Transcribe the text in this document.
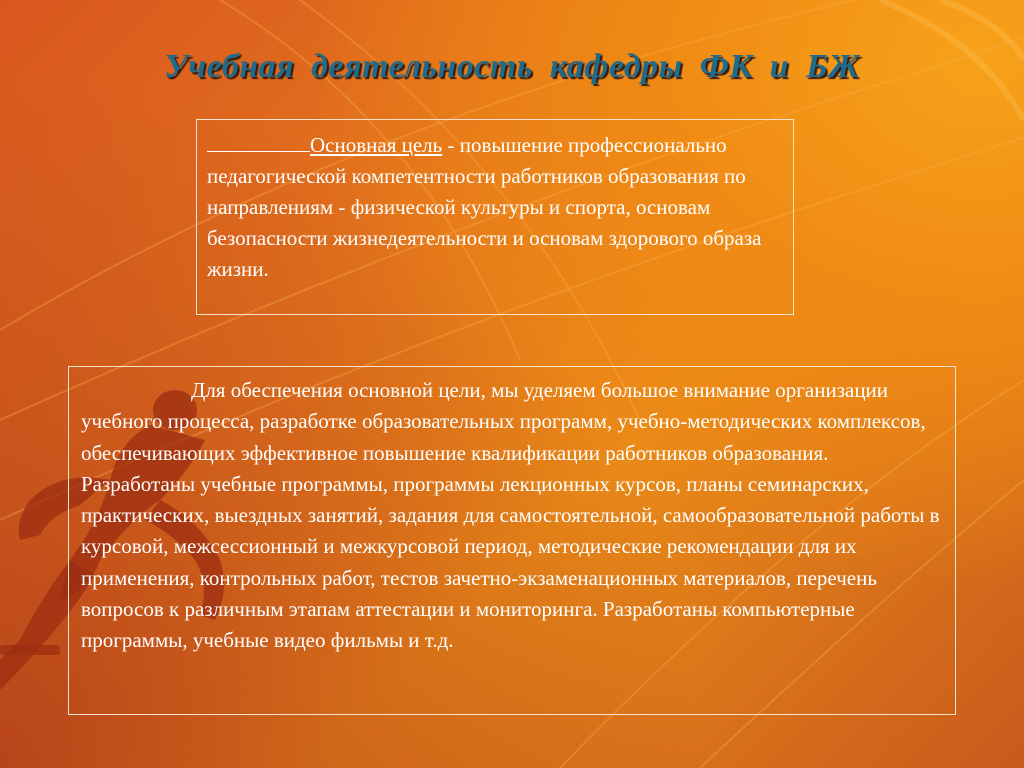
Учебная деятельность кафедры ФК и БЖ
Основная цель - повышение профессионально педагогической компетентности работников образования по направлениям - физической культуры и спорта, основам безопасности жизнедеятельности и основам здорового образа жизни.
Для обеспечения основной цели, мы уделяем большое внимание организации учебного процесса, разработке образовательных программ, учебно-методических комплексов, обеспечивающих эффективное повышение квалификации работников образования. Разработаны учебные программы, программы лекционных курсов, планы семинарских, практических, выездных занятий, задания для самостоятельной, самообразовательной работы в курсовой, межсессионный и межкурсовой период, методические рекомендации для их применения, контрольных работ, тестов зачетно-экзаменационных материалов, перечень вопросов к различным этапам аттестации и мониторинга. Разработаны компьютерные программы, учебные видео фильмы и т.д.
